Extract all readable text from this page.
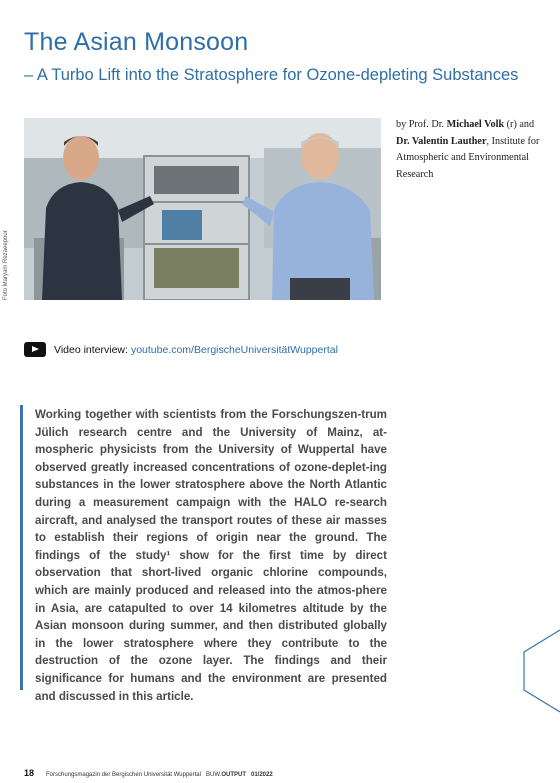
The Asian Monsoon
– A Turbo Lift into the Stratosphere for Ozone-depleting Substances
Foto Maryam Rezaeepour
by Prof. Dr. Michael Volk (r) and Dr. Valentin Lauther, Institute for Atmospheric and Environmental Research
Video interview: youtube.com/BergischeUniversitätWuppertal
Working together with scientists from the Forschungszen-trum Jülich research centre and the University of Mainz, at-mospheric physicists from the University of Wuppertal have observed greatly increased concentrations of ozone-deplet-ing substances in the lower stratosphere above the North Atlantic during a measurement campaign with the HALO re-search aircraft, and analysed the transport routes of these air masses to establish their regions of origin near the ground. The findings of the study¹ show for the first time by direct observation that short-lived organic chlorine compounds, which are mainly produced and released into the atmos-phere in Asia, are catapulted to over 14 kilometres altitude by the Asian monsoon during summer, and then distributed globally in the lower stratosphere where they contribute to the destruction of the ozone layer. The findings and their significance for humans and the environment are presented and discussed in this article.
18 Forschungsmagazin der Bergischen Universität Wuppertal BUW.OUTPUT 01/2022
